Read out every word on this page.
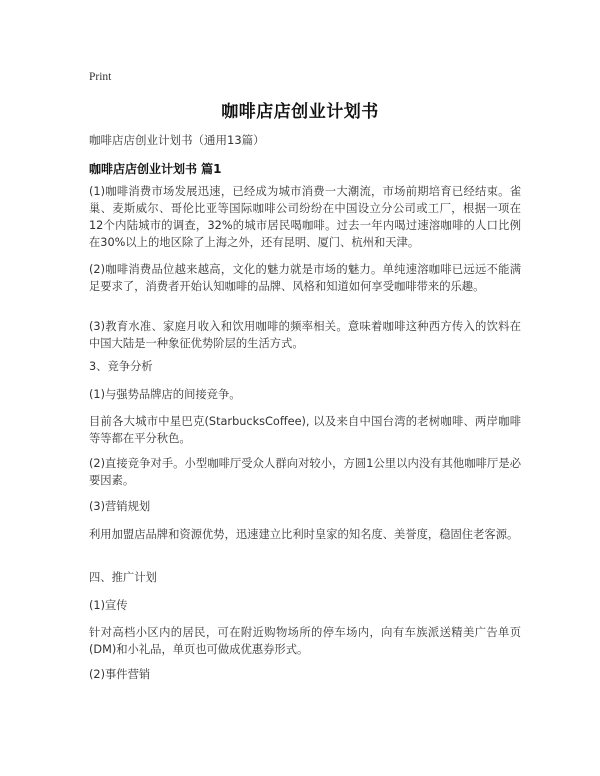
Print
咖啡店店创业计划书
咖啡店店创业计划书（通用13篇）
咖啡店店创业计划书 篇1

(1)咖啡消费市场发展迅速，已经成为城市消费一大潮流，市场前期培育已经结束。雀巢、麦斯威尔、哥伦比亚等国际咖啡公司纷纷在中国设立分公司或工厂，根据一项在12个内陆城市的调查，32%的城市居民喝咖啡。过去一年内喝过速溶咖啡的人口比例在30%以上的地区除了上海之外，还有昆明、厦门、杭州和天津。

(2)咖啡消费品位越来越高，文化的魅力就是市场的魅力。单纯速溶咖啡已远远不能满足要求了，消费者开始认知咖啡的品牌、风格和知道如何享受咖啡带来的乐趣。

(3)教育水准、家庭月收入和饮用咖啡的频率相关。意味着咖啡这种西方传入的饮料在中国大陆是一种象征优势阶层的生活方式。

3、竞争分析

(1)与强势品牌店的间接竞争。

目前各大城市中星巴克(StarbucksCoffee), 以及来自中国台湾的老树咖啡、两岸咖啡等等都在平分秋色。

(2)直接竞争对手。小型咖啡厅受众人群向对较小，方圆1公里以内没有其他咖啡厅是必要因素。

(3)营销规划

利用加盟店品牌和资源优势，迅速建立比利时皇家的知名度、美誉度，稳固住老客源。

四、推广计划

(1)宣传

针对高档小区内的居民，可在附近购物场所的停车场内，向有车族派送精美广告单页(DM)和小礼品，单页也可做成优惠券形式。

(2)事件营销
